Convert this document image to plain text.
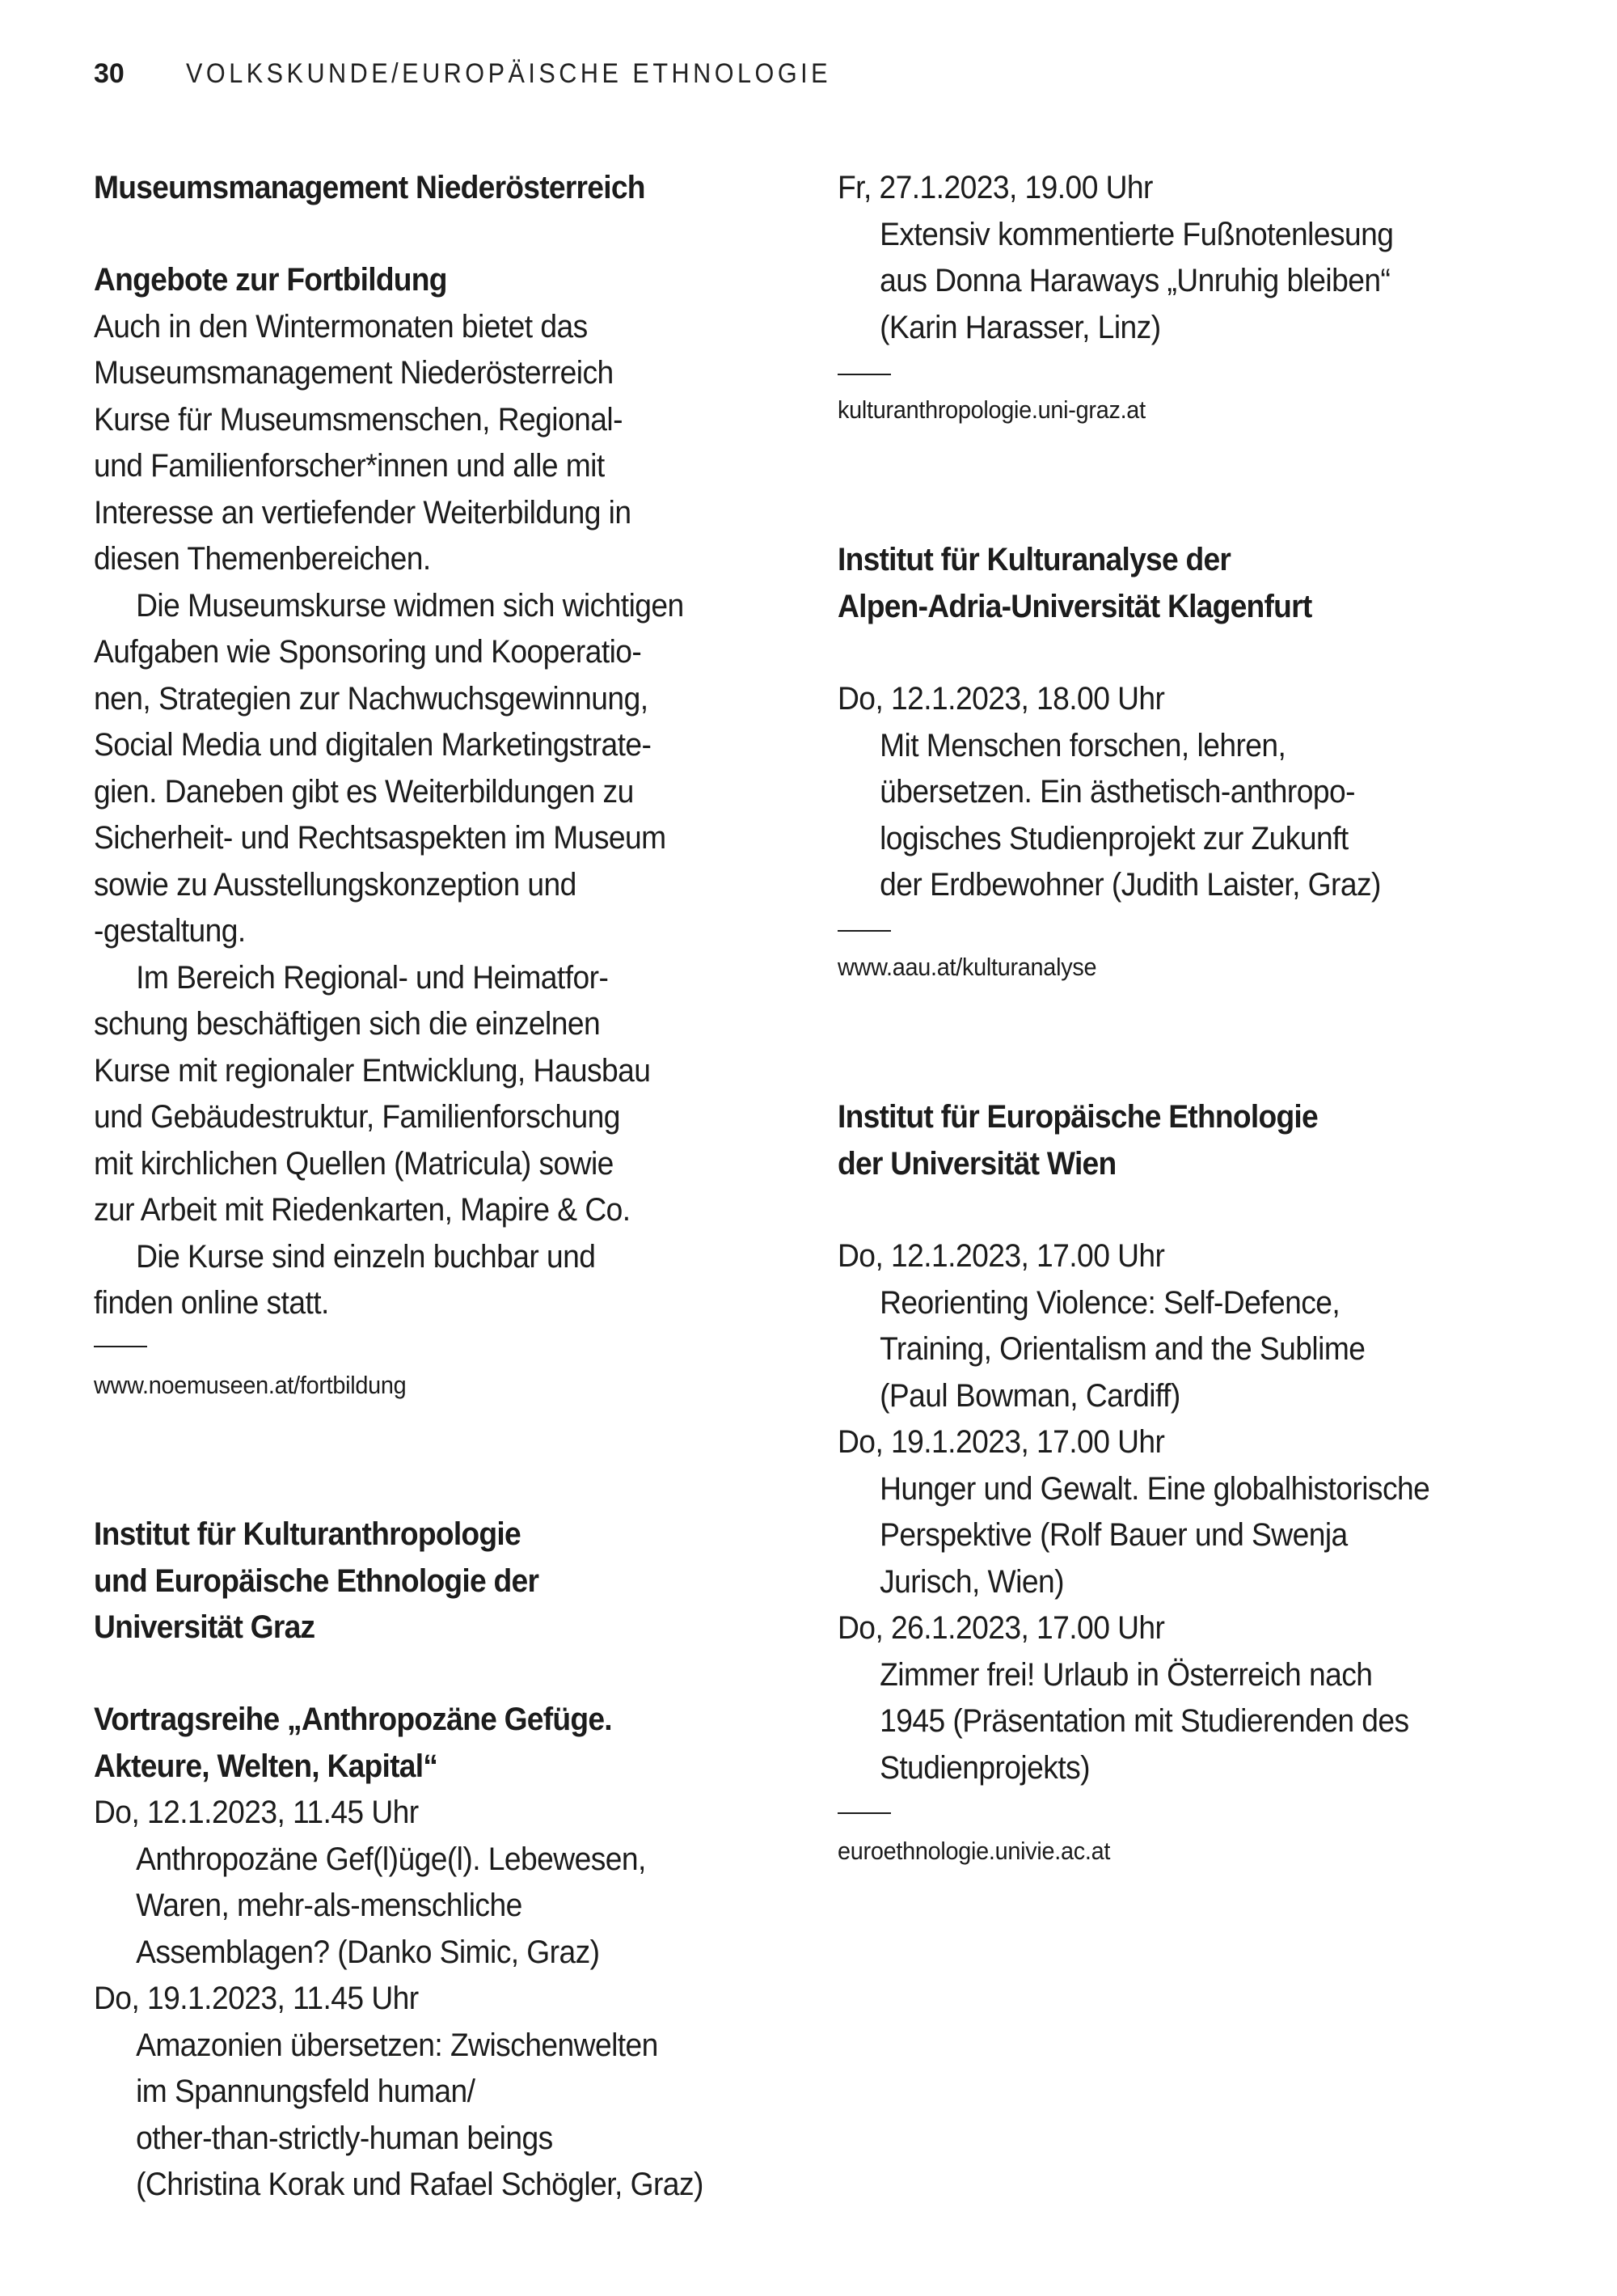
30	VOLKSKUNDE/EUROPÄISCHE ETHNOLOGIE
Museumsmanagement Niederösterreich
Angebote zur Fortbildung
Auch in den Wintermonaten bietet das
Museumsmanagement Niederösterreich
Kurse für Museumsmenschen, Regional-
und Familienforscher*innen und alle mit
Interesse an vertiefender Weiterbildung in
diesen Themenbereichen.
Die Museumskurse widmen sich wichtigen
Aufgaben wie Sponsoring und Kooperatio-
nen, Strategien zur Nachwuchsgewinnung,
Social Media und digitalen Marketingstrate-
gien. Daneben gibt es Weiterbildungen zu
Sicherheit- und Rechtsaspekten im Museum
sowie zu Ausstellungskonzeption und
-gestaltung.
Im Bereich Regional- und Heimatfor-
schung beschäftigen sich die einzelnen
Kurse mit regionaler Entwicklung, Hausbau
und Gebäudestruktur, Familienforschung
mit kirchlichen Quellen (Matricula) sowie
zur Arbeit mit Riedenkarten, Mapire & Co.
Die Kurse sind einzeln buchbar und
finden online statt.
www.noemuseen.at/fortbildung
Institut für Kulturanthropologie
und Europäische Ethnologie der
Universität Graz
Vortragsreihe „Anthropozäne Gefüge.
Akteure, Welten, Kapital“
Do, 12.1.2023, 11.45 Uhr
Anthropozäne Gef(l)üge(l). Lebewesen,
Waren, mehr-als-menschliche
Assemblagen? (Danko Simic, Graz)
Do, 19.1.2023, 11.45 Uhr
Amazonien übersetzen: Zwischenwelten
im Spannungsfeld human/
other-than-strictly-human beings
(Christina Korak und Rafael Schögler, Graz)
Fr, 27.1.2023, 19.00 Uhr
Extensiv kommentierte Fußnotenlesung
aus Donna Haraways „Unruhig bleiben“
(Karin Harasser, Linz)
kulturanthropologie.uni-graz.at
Institut für Kulturanalyse der
Alpen-Adria-Universität Klagenfurt
Do, 12.1.2023, 18.00 Uhr
Mit Menschen forschen, lehren,
übersetzen. Ein ästhetisch-anthropo-
logisches Studienprojekt zur Zukunft
der Erdbewohner (Judith Laister, Graz)
www.aau.at/kulturanalyse
Institut für Europäische Ethnologie
der Universität Wien
Do, 12.1.2023, 17.00 Uhr
Reorienting Violence: Self-Defence,
Training, Orientalism and the Sublime
(Paul Bowman, Cardiff)
Do, 19.1.2023, 17.00 Uhr
Hunger und Gewalt. Eine globalhistorische
Perspektive (Rolf Bauer und Swenja
Jurisch, Wien)
Do, 26.1.2023, 17.00 Uhr
Zimmer frei! Urlaub in Österreich nach
1945 (Präsentation mit Studierenden des
Studienprojekts)
euroethnologie.univie.ac.at
